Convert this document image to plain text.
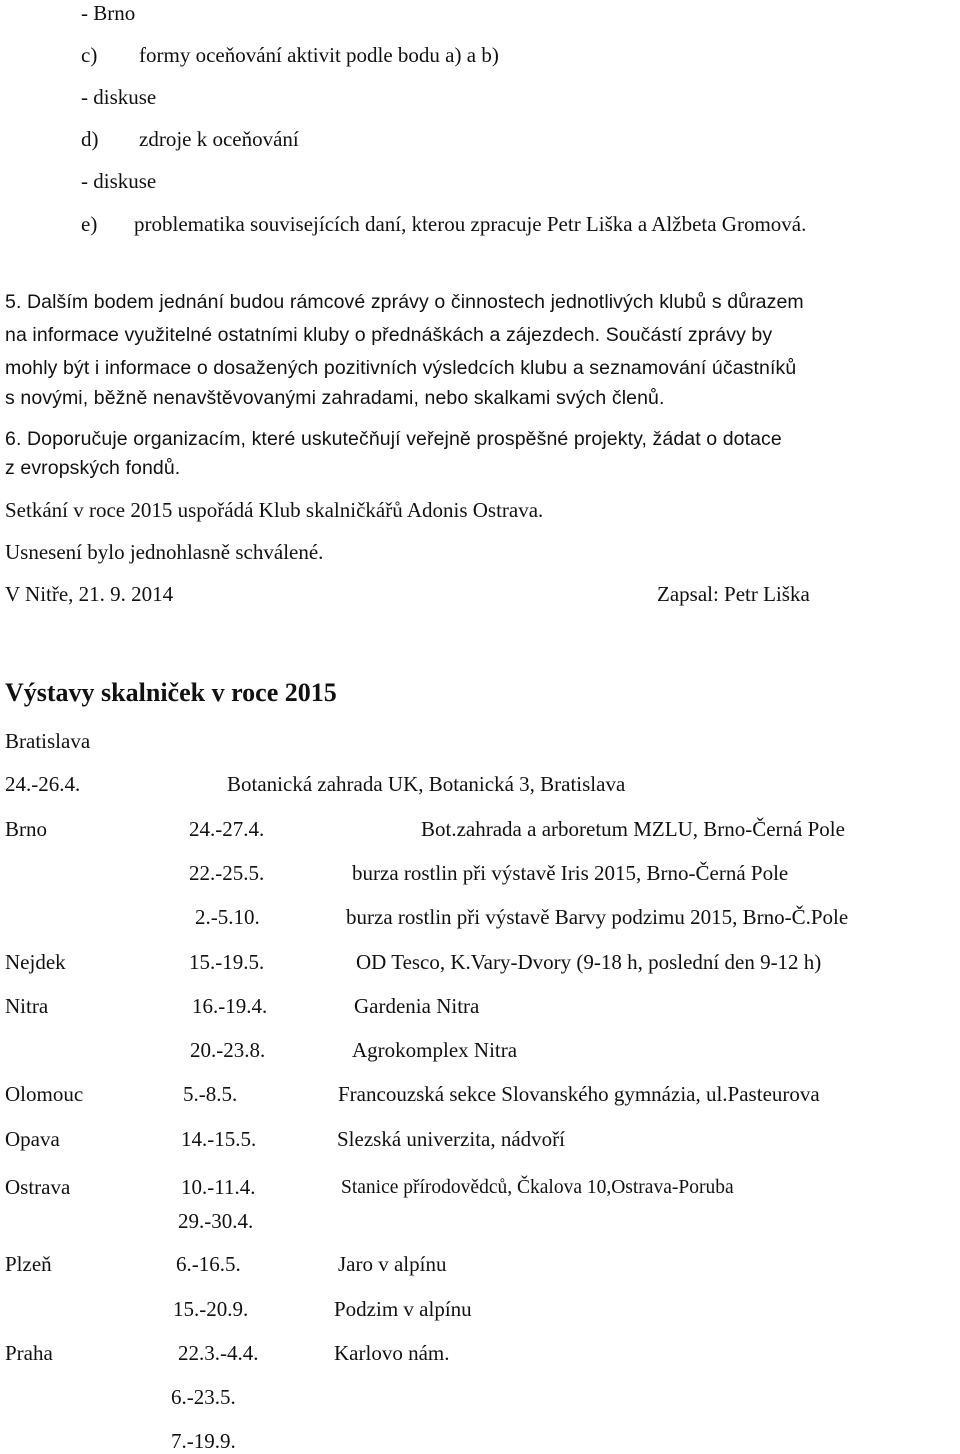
- Brno
c) formy oceňování aktivit podle bodu a) a b)
- diskuse
d) zdroje k oceňování
- diskuse
e) problematika souvisejících daní, kterou zpracuje Petr Liška a Alžbeta Gromová.
5. Dalším bodem jednání budou rámcové zprávy o činnostech jednotlivých klubů s důrazem
na informace využitelné ostatními kluby o přednáškách a zájezdech. Součástí zprávy by
mohly být i informace o dosažených pozitivních výsledcích klubu a seznamování účastníků
s novými, běžně nenavštěvovanými zahradami, nebo skalkami svých členů.
6. Doporučuje organizacím, které uskutečňují veřejně prospěšné projekty, žádat o dotace
z evropských fondů.
Setkání v roce 2015 uspořádá Klub skalničkářů Adonis Ostrava.
Usnesení bylo jednohlasně schválené.
V Nitře, 21. 9. 2014	Zapsal: Petr Liška
Výstavy skalniček v roce 2015
Bratislava
24.-26.4.	Botanická zahrada UK, Botanická 3, Bratislava
Brno	24.-27.4.	Bot.zahrada a arboretum MZLU, Brno-Černá Pole
22.-25.5.	burza rostlin při výstavě Iris 2015, Brno-Černá Pole
2.-5.10.	burza rostlin při výstavě Barvy podzimu 2015, Brno-Č.Pole
Nejdek	15.-19.5.	OD Tesco, K.Vary-Dvory (9-18 h, poslední den 9-12 h)
Nitra	16.-19.4.	Gardenia Nitra
20.-23.8.	Agrokomplex Nitra
Olomouc	5.-8.5.	Francouzská sekce Slovanského gymnázia, ul.Pasteurova
Opava	14.-15.5.	Slezská univerzita, nádvoří
Ostrava	10.-11.4.	Stanice přírodovědců, Čkalova 10,Ostrava-Poruba
29.-30.4.
Plzeň	6.-16.5.	Jaro v alpínu
15.-20.9.	Podzim v alpínu
Praha	22.3.-4.4.	Karlovo nám.
6.-23.5.
7.-19.9.
